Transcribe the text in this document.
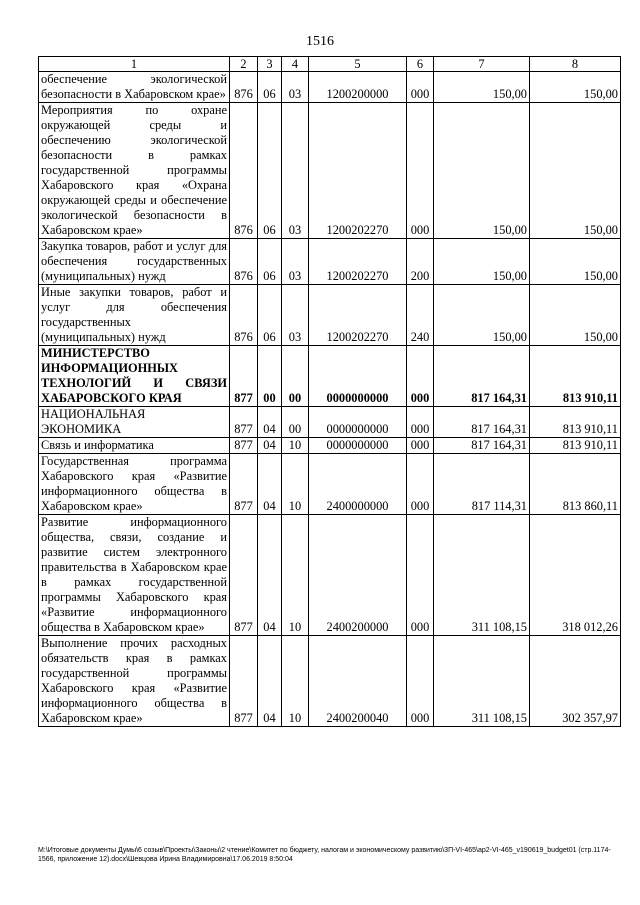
1516
1	2	3	4	5	6	7	8
обеспечение экологической безопасности в Хабаровском крае»	876	06	03	1200200000	000	150,00	150,00
Мероприятия по охране окружающей среды и обеспечению экологической безопасности в рамках государственной программы Хабаровского края «Охрана окружающей среды и обеспечение экологической безопасности в Хабаровском крае»	876	06	03	1200202270	000	150,00	150,00
Закупка товаров, работ и услуг для обеспечения государственных (муниципальных) нужд	876	06	03	1200202270	200	150,00	150,00
Иные закупки товаров, работ и услуг для обеспечения государственных (муниципальных) нужд	876	06	03	1200202270	240	150,00	150,00
МИНИСТЕРСТВО ИНФОРМАЦИОННЫХ ТЕХНОЛОГИЙ И СВЯЗИ ХАБАРОВСКОГО КРАЯ	877	00	00	0000000000	000	817 164,31	813 910,11
НАЦИОНАЛЬНАЯ ЭКОНОМИКА	877	04	00	0000000000	000	817 164,31	813 910,11
Связь и информатика	877	04	10	0000000000	000	817 164,31	813 910,11
Государственная программа Хабаровского края «Развитие информационного общества в Хабаровском крае»	877	04	10	2400000000	000	817 114,31	813 860,11
Развитие информационного общества, связи, создание и развитие систем электронного правительства в Хабаровском крае в рамках государственной программы Хабаровского края «Развитие информационного общества в Хабаровском крае»	877	04	10	2400200000	000	311 108,15	318 012,26
Выполнение прочих расходных обязательств края в рамках государственной программы Хабаровского края «Развитие информационного общества в Хабаровском крае»	877	04	10	2400200040	000	311 108,15	302 357,97
M:\Итоговые документы Думы\6 созыв\Проекты\Законы\2 чтение\Комитет по бюджету, налогам и экономическому развитию\3П-VI-465\ap2-VI-465_v190619_budget01 (стр.1174-1566, приложение 12).docx\Шевцова Ирина Владимировна\17.06.2019 8:50:04
